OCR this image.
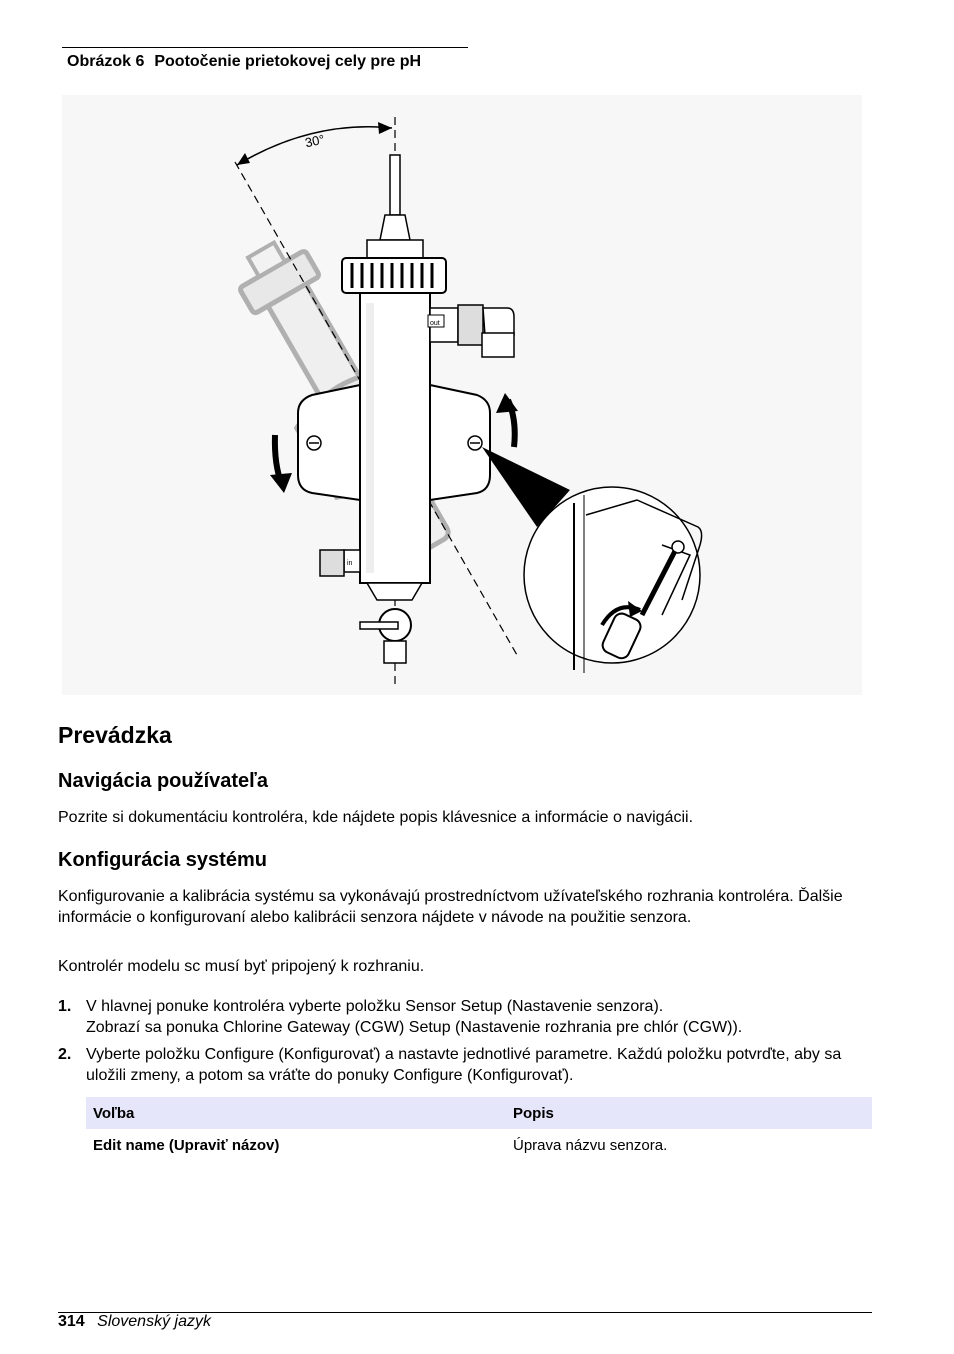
Obrázok 6 Pootočenie prietokovej cely pre pH
30°
out
in
Prevádzka
Navigácia používateľa

Pozrite si dokumentáciu kontroléra, kde nájdete popis klávesnice a informácie o navigácii.

Konfigurácia systému

Konfigurovanie a kalibrácia systému sa vykonávajú prostredníctvom užívateľského rozhrania kontroléra. Ďalšie informácie o konfigurovaní alebo kalibrácii senzora nájdete v návode na použitie senzora.

Kontrolér modelu sc musí byť pripojený k rozhraniu.

1. V hlavnej ponuke kontroléra vyberte položku Sensor Setup (Nastavenie senzora).
Zobrazí sa ponuka Chlorine Gateway (CGW) Setup (Nastavenie rozhrania pre chlór (CGW)).
2. Vyberte položku Configure (Konfigurovať) a nastavte jednotlivé parametre. Každú položku potvrďte, aby sa uložili zmeny, a potom sa vráťte do ponuky Configure (Konfigurovať).
Voľba	Popis
Edit name (Upraviť názov)	Úprava názvu senzora.
314 Slovenský jazyk
